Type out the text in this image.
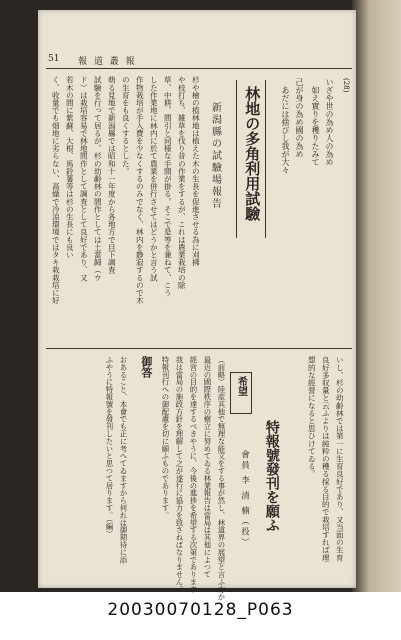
51 報 道 叢 報

(28)

いざや世の為め人の為め

如え實りを穫りたみて

己が身の為め國の為め

あだには捨びし我が大々

林地の多角利用試驗

新潟縣の試驗場報告

杉や檜の植林地は植えた木の生長を促進させる為に刈拂

や枝打ち、雑草を伐り昔の作業をするが、これは農業栽培の除

草、中耕、間引と同様な手間が掛る。そこで是等を兼ねて、こう

した作業地に林内に於て農業を併行させてはどうかと言う試

作物栽培が手入費を少なくするのみでなく、林内を静寂するので木

の生育をも良くするとした。

萌る見地で新潟縣では昭和十一年度から各地方で目下調査

試驗を行って居るが、杉の幼齢林の間作としては土當歸（ウ

ド）は栽培容易で林地間作として調査として良好であり、又

若木の間に紫蘇、大根、馬鈴薯等は杉の生長にも良い

く、收量でも畑地に劣らない、高燥で冷涼環境ではタキ栽栽培に好

いし、杉の幼齢林では第一に生育良好であり、又当面の生育

良好多収量と云ふよりは純粋の穫る採る目的で栽培すれば理

想的な經營になると思ひけてゐる。

希望

特報號發刊を願ふ

會員 李 清 楠（投）

（前略）陸産其他で無理な能文をする事が然し、林道界の展望と言ふ方か

最近の國際秩序の樹立に努めてゐる林業報告は當局は其他によつて

經営の目的を達するべきやうに、今後の進捗を希望する次第であります

我は當局の施政方針を理解して之が遂行に協力を致さねばなりません。

特報刊行への御配慮を切に願ふものであります。

御答

おあること、本會でも正に考へてゐますから何れは御期待に添

ふやうに特報號を發刊したいと思つて居ります。（編）

20030070128_P063
